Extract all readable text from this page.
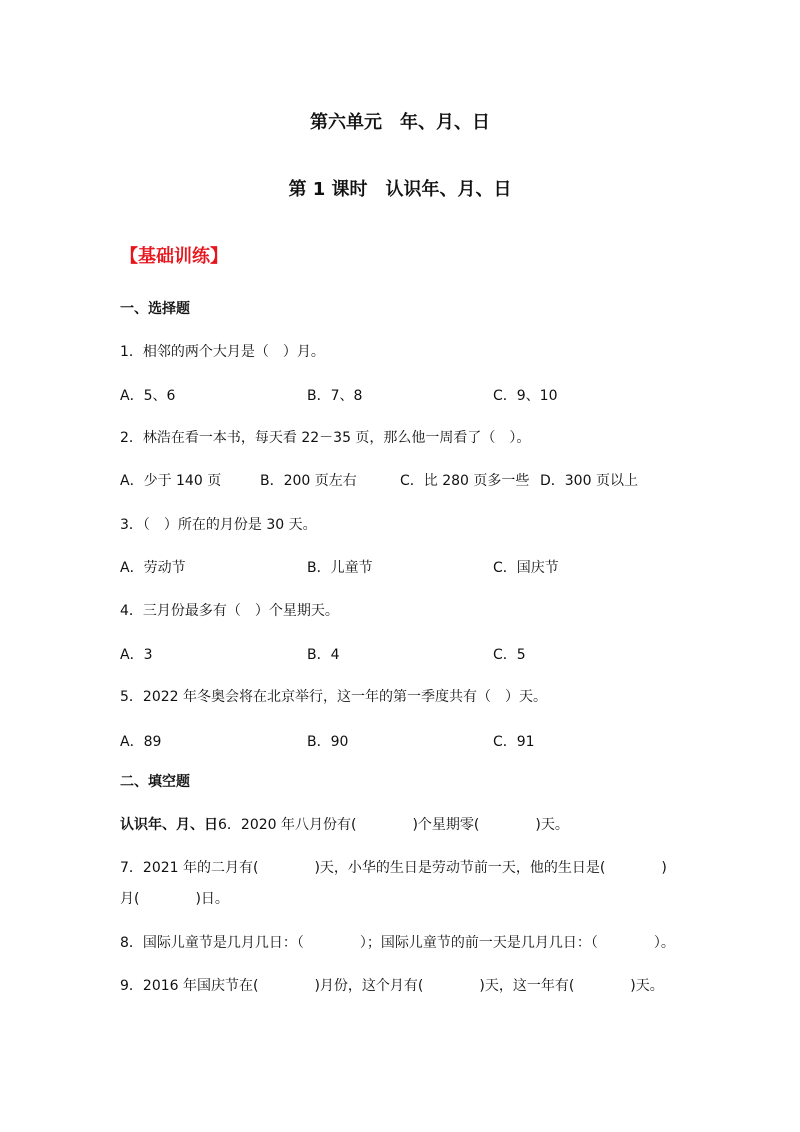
第六单元　年、月、日
第 1 课时　认识年、月、日
【基础训练】
一、选择题
1．相邻的两个大月是（　）月。
A．5、6	B．7、8	C．9、10
2．林浩在看一本书，每天看 22－35 页，那么他一周看了（　）。
A．少于 140 页	B．200 页左右	C．比 280 页多一些 D．300 页以上
3．（　）所在的月份是 30 天。
A．劳动节	B．儿童节	C．国庆节
4．三月份最多有（　）个星期天。
A．3	B．4	C．5
5．2022 年冬奥会将在北京举行，这一年的第一季度共有（　）天。
A．89	B．90	C．91
二、填空题
认识年、月、日6．2020 年八月份有(　　　　)个星期零(　　　　)天。
7．2021 年的二月有(　　　　)天，小华的生日是劳动节前一天，他的生日是(　　　　)
月(　　　　)日。
8．国际儿童节是几月几日：（　　　　）；国际儿童节的前一天是几月几日：（　　　　）。
9．2016 年国庆节在(　　　　)月份，这个月有(　　　　)天，这一年有(　　　　)天。
